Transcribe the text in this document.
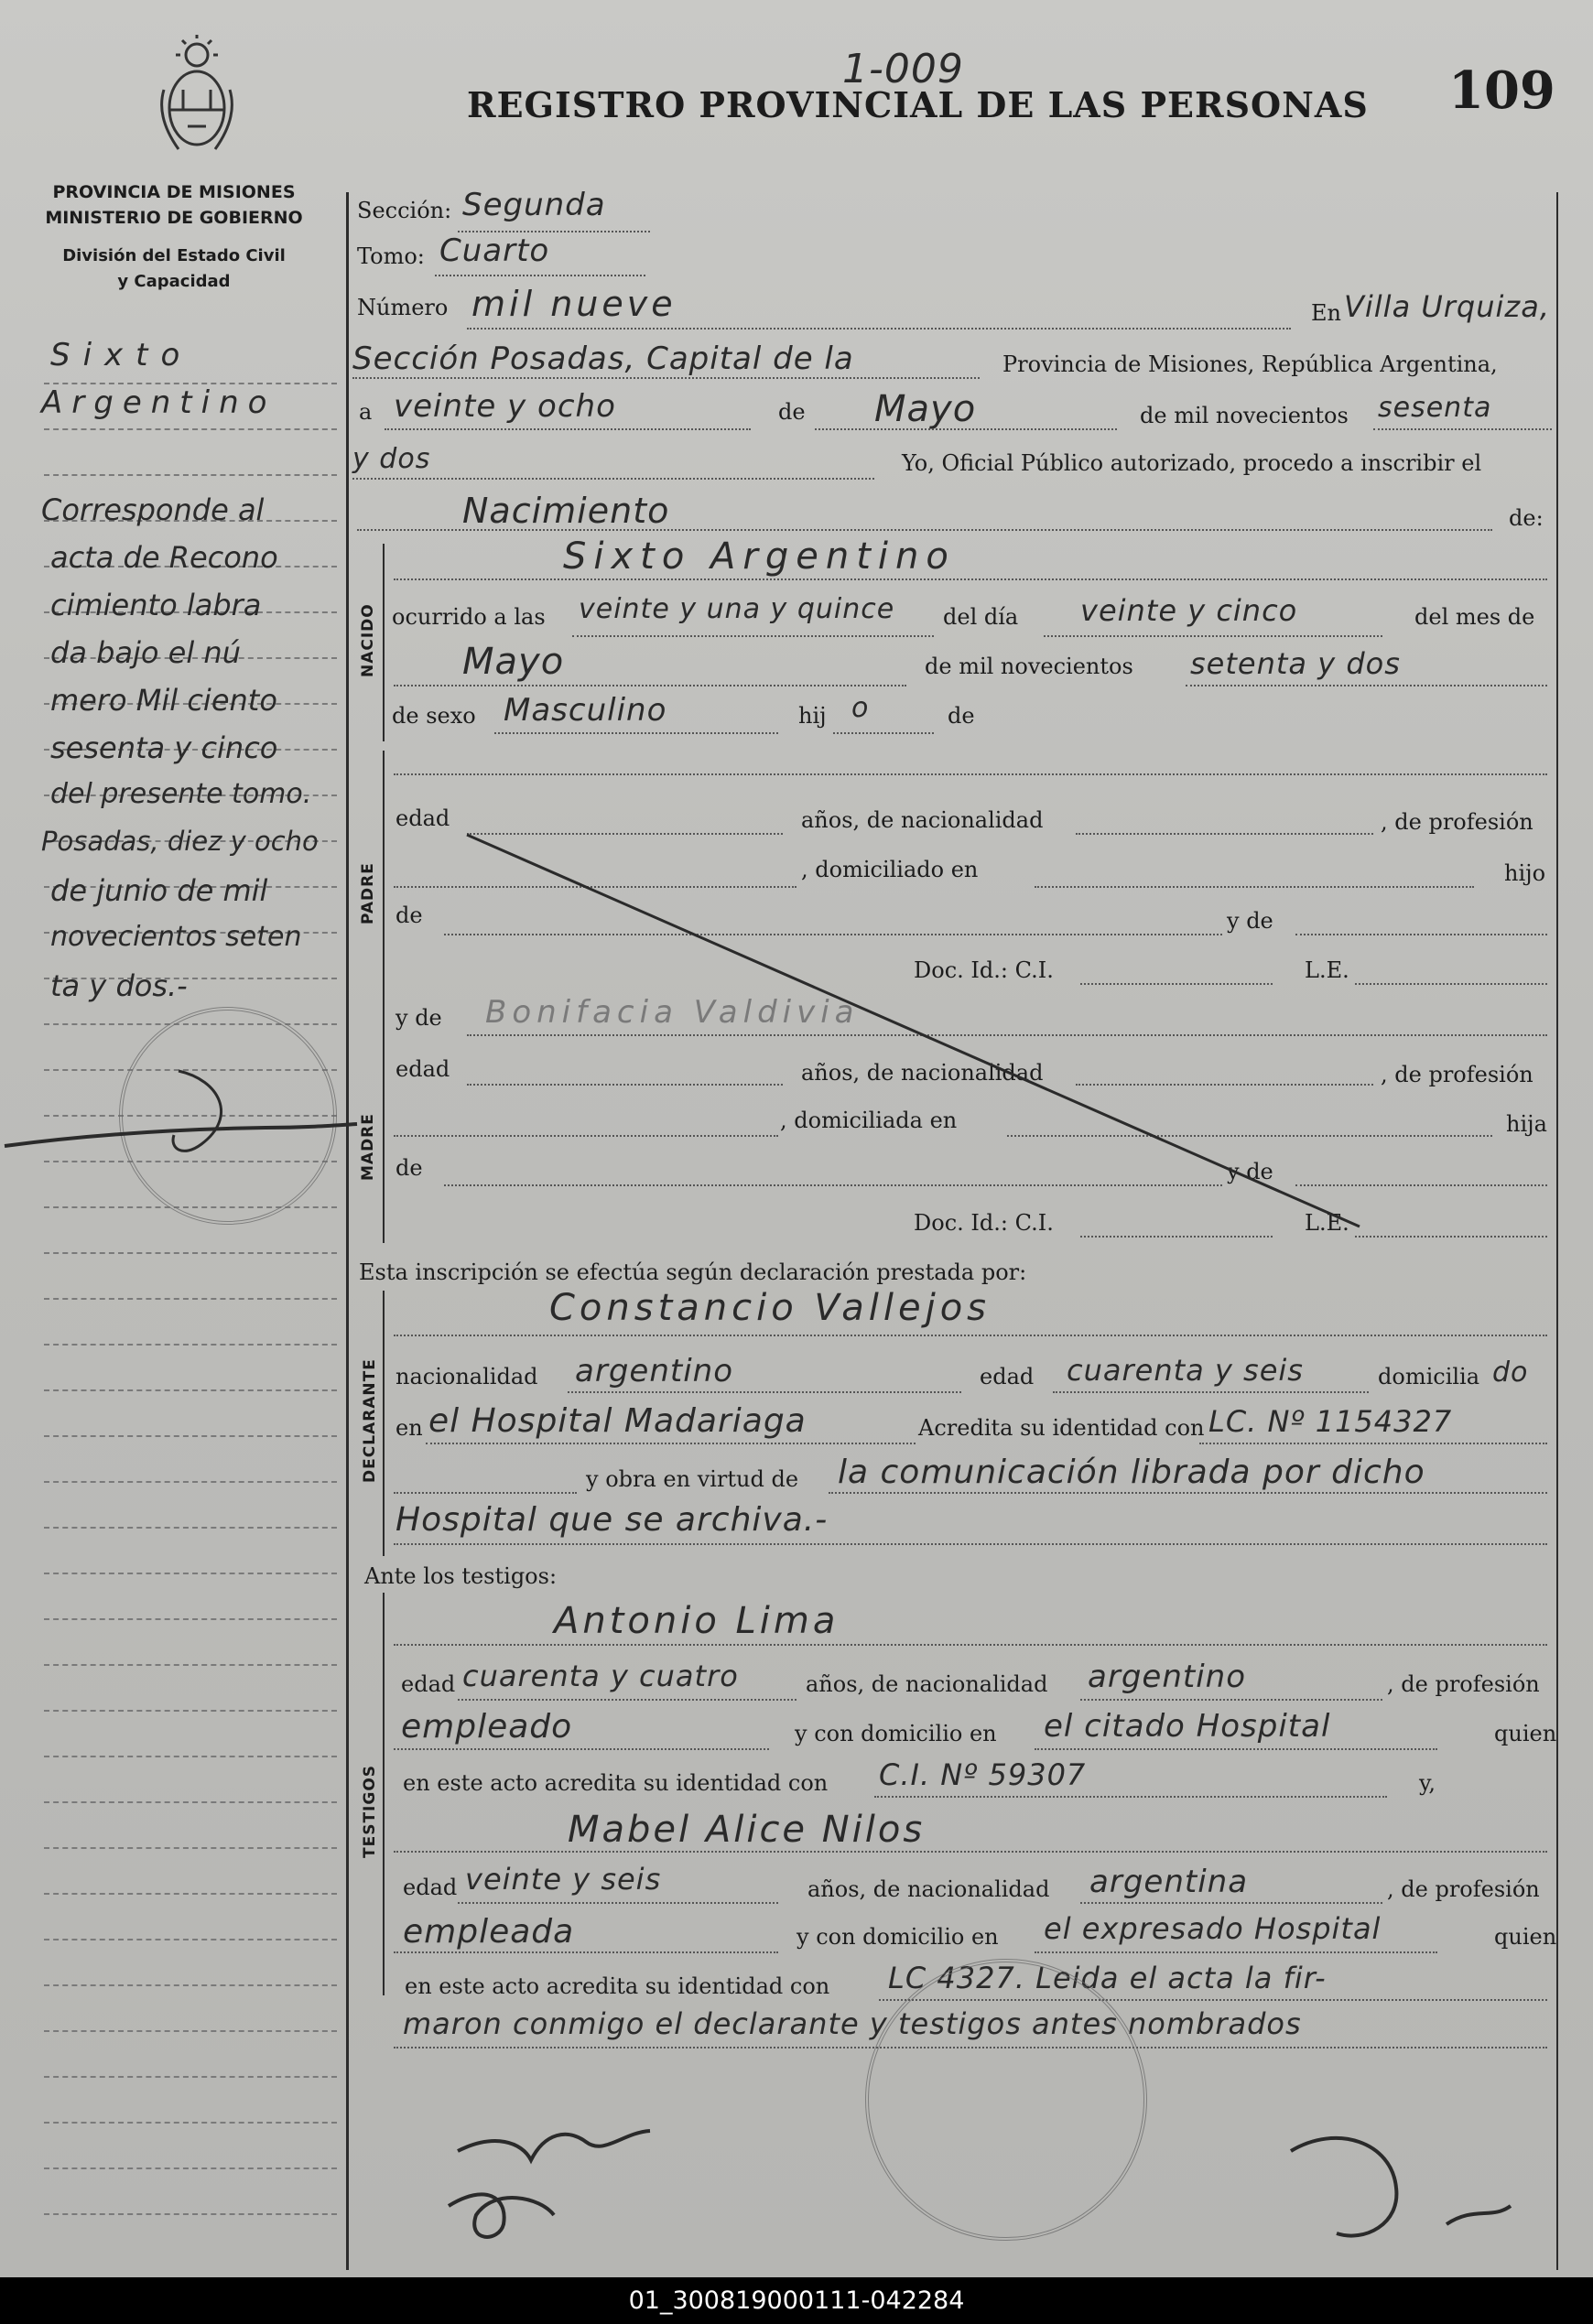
PROVINCIA DE MISIONES
MINISTERIO DE GOBIERNO
División del Estado Civil
y Capacidad
REGISTRO PROVINCIAL DE LAS PERSONAS
1-009	109
Sixto
Argentino
Corresponde al
acta de Recono
cimiento labra
da bajo el nú
mero Mil ciento
sesenta y cinco
del presente tomo.
Posadas, diez y ocho
de junio de mil
novecientos seten
ta y dos.-

Sección: Segunda
Tomo: Cuarto
Número mil nueve	En Villa Urquiza,
Sección Posadas, Capital de la	Provincia de Misiones, República Argentina,
a veinte y ocho	de Mayo	de mil novecientos sesenta
y dos	Yo, Oficial Público autorizado, procedo a inscribir el
Nacimiento	de:
NACIDO
Sixto Argentino
ocurrido a las veinte y una y quince del día veinte y cinco	del mes de
Mayo	de mil novecientos setenta y dos
de sexo Masculino	hij o	de
PADRE
edad	años, de nacionalidad	, de profesión
, domiciliado en	hijo
de	y de
Doc. Id.: C.I.	L.E.
MADRE
y de Bonifacia Valdivia
edad	años, de nacionalidad	, de profesión
, domiciliada en	hija
de	y de
Doc. Id.: C.I.	L.E.
Esta inscripción se efectúa según declaración prestada por:
DECLARANTE
Constancio Vallejos
nacionalidad argentino	edad cuarenta y seis	domicilia do
en el Hospital Madariaga	Acredita su identidad con LC. Nº 1154327
y obra en virtud de la comunicación librada por dicho
Hospital que se archiva.-
Ante los testigos:
TESTIGOS
Antonio Lima
edad cuarenta y cuatro	años, de nacionalidad argentino	, de profesión
empleado	y con domicilio en el citado Hospital	quien
en este acto acredita su identidad con C.I. Nº 59307	y,
Mabel Alice Nilos
edad veinte y seis	años, de nacionalidad argentina	, de profesión
empleada	y con domicilio en el expresado Hospital	quien
en este acto acredita su identidad con LC 4327. Leida el acta la fir-
maron conmigo el declarante y testigos antes nombrados

01_300819000111-042284
